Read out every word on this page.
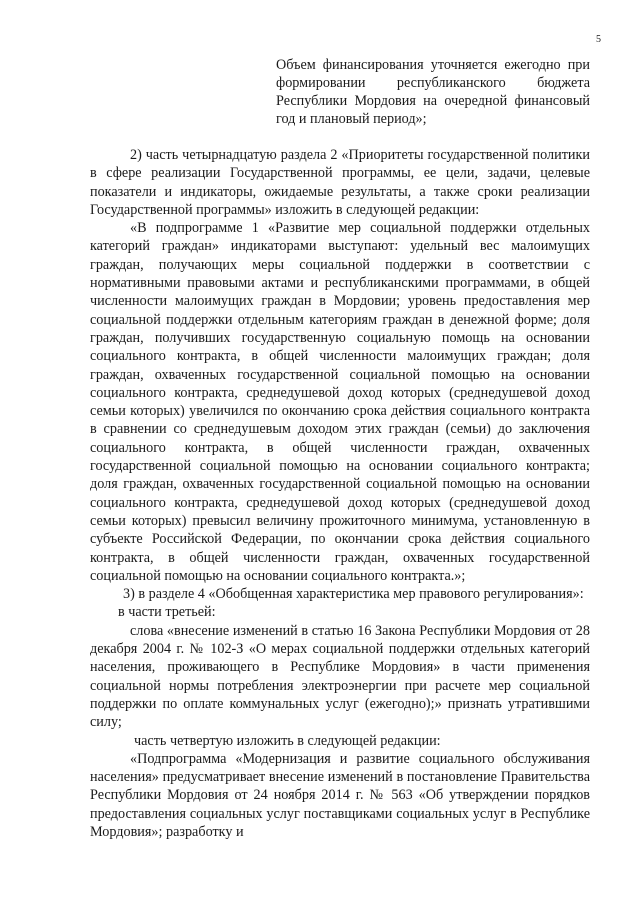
5
Объем финансирования уточняется ежегодно при формировании республиканского бюджета Республики Мордовия на очередной финансовый год и плановый период»;

2) часть четырнадцатую раздела 2 «Приоритеты государственной политики в сфере реализации Государственной программы, ее цели, задачи, целевые показатели и индикаторы, ожидаемые результаты, а также сроки реализации Государственной программы» изложить в следующей редакции:

«В подпрограмме 1 «Развитие мер социальной поддержки отдельных категорий граждан» индикаторами выступают: удельный вес малоимущих граждан, получающих меры социальной поддержки в соответствии с нормативными правовыми актами и республиканскими программами, в общей численности малоимущих граждан в Мордовии; уровень предоставления мер социальной поддержки отдельным категориям граждан в денежной форме; доля граждан, получивших государственную социальную помощь на основании социального контракта, в общей численности малоимущих граждан; доля граждан, охваченных государственной социальной помощью на основании социального контракта, среднедушевой доход которых (среднедушевой доход семьи которых) увеличился по окончанию срока действия социального контракта в сравнении со среднедушевым доходом этих граждан (семьи) до заключения социального контракта, в общей численности граждан, охваченных государственной социальной помощью на основании социального контракта; доля граждан, охваченных государственной социальной помощью на основании социального контракта, среднедушевой доход которых (среднедушевой доход семьи которых) превысил величину прожиточного минимума, установленную в субъекте Российской Федерации, по окончании срока действия социального контракта, в общей численности граждан, охваченных государственной социальной помощью на основании социального контракта.»;

3) в разделе 4 «Обобщенная характеристика мер правового регулирования»:

в части третьей:

слова «внесение изменений в статью 16 Закона Республики Мордовия от 28 декабря 2004 г. № 102-З «О мерах социальной поддержки отдельных категорий населения, проживающего в Республике Мордовия» в части применения социальной нормы потребления электроэнергии при расчете мер социальной поддержки по оплате коммунальных услуг (ежегодно);» признать утратившими силу;

часть четвертую изложить в следующей редакции:

«Подпрограмма «Модернизация и развитие социального обслуживания населения» предусматривает внесение изменений в постановление Правительства Республики Мордовия от 24 ноября 2014 г. № 563 «Об утверждении порядков предоставления социальных услуг поставщиками социальных услуг в Республике Мордовия»; разработку и
